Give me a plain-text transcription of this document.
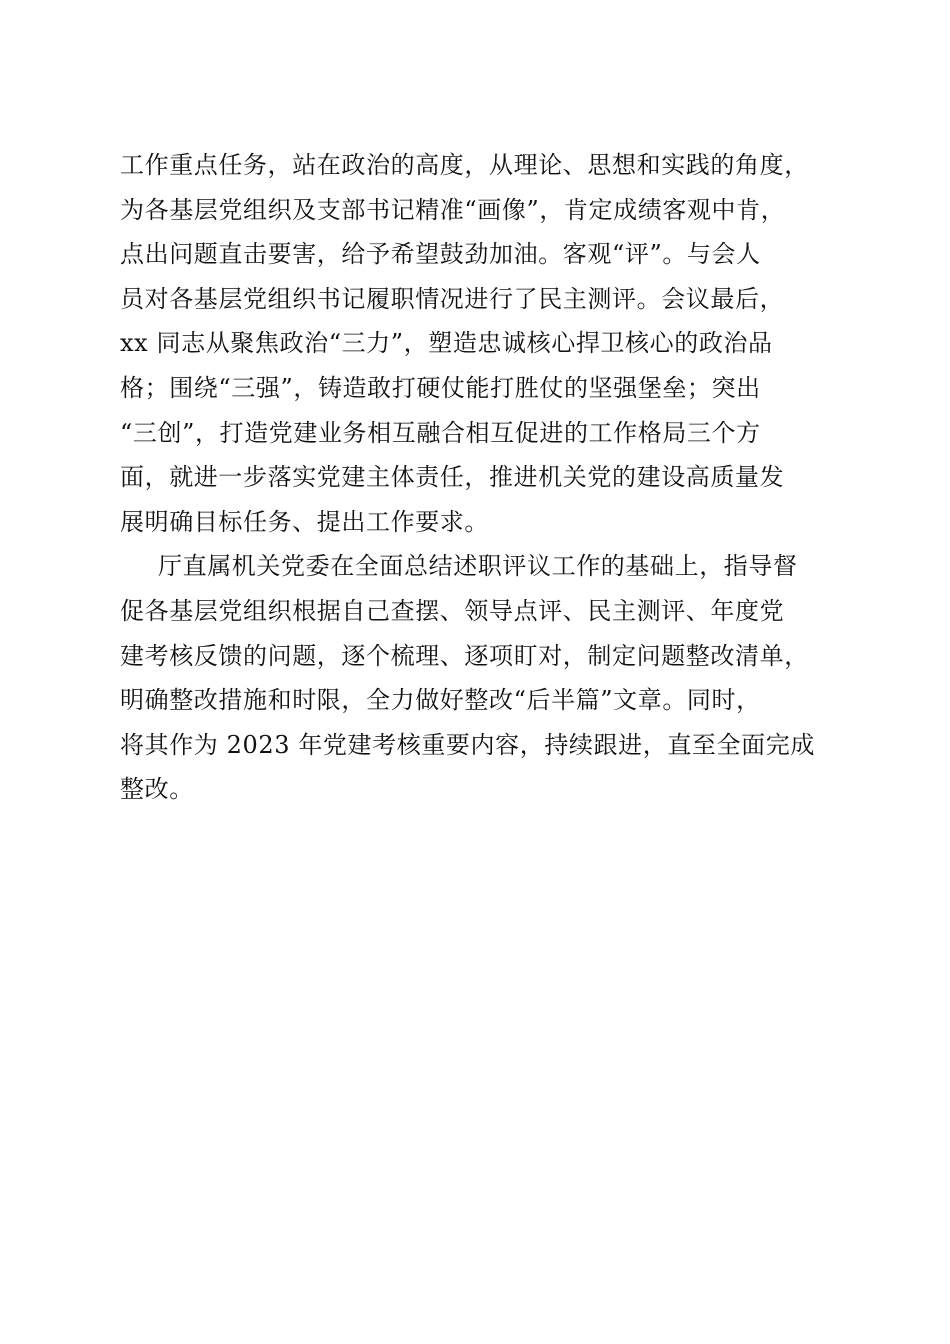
工作重点任务，站在政治的高度，从理论、思想和实践的角度，
为各基层党组织及支部书记精准“画像”，肯定成绩客观中肯，
点出问题直击要害，给予希望鼓劲加油。客观“评”。与会人
员对各基层党组织书记履职情况进行了民主测评。会议最后，
xx 同志从聚焦政治“三力”，塑造忠诚核心捍卫核心的政治品
格；围绕“三强”，铸造敢打硬仗能打胜仗的坚强堡垒；突出
“三创”，打造党建业务相互融合相互促进的工作格局三个方
面，就进一步落实党建主体责任，推进机关党的建设高质量发
展明确目标任务、提出工作要求。
厅直属机关党委在全面总结述职评议工作的基础上，指导督
促各基层党组织根据自己查摆、领导点评、民主测评、年度党
建考核反馈的问题，逐个梳理、逐项盯对，制定问题整改清单，
明确整改措施和时限，全力做好整改“后半篇”文章。同时，
将其作为 2023 年党建考核重要内容，持续跟进，直至全面完成
整改。
